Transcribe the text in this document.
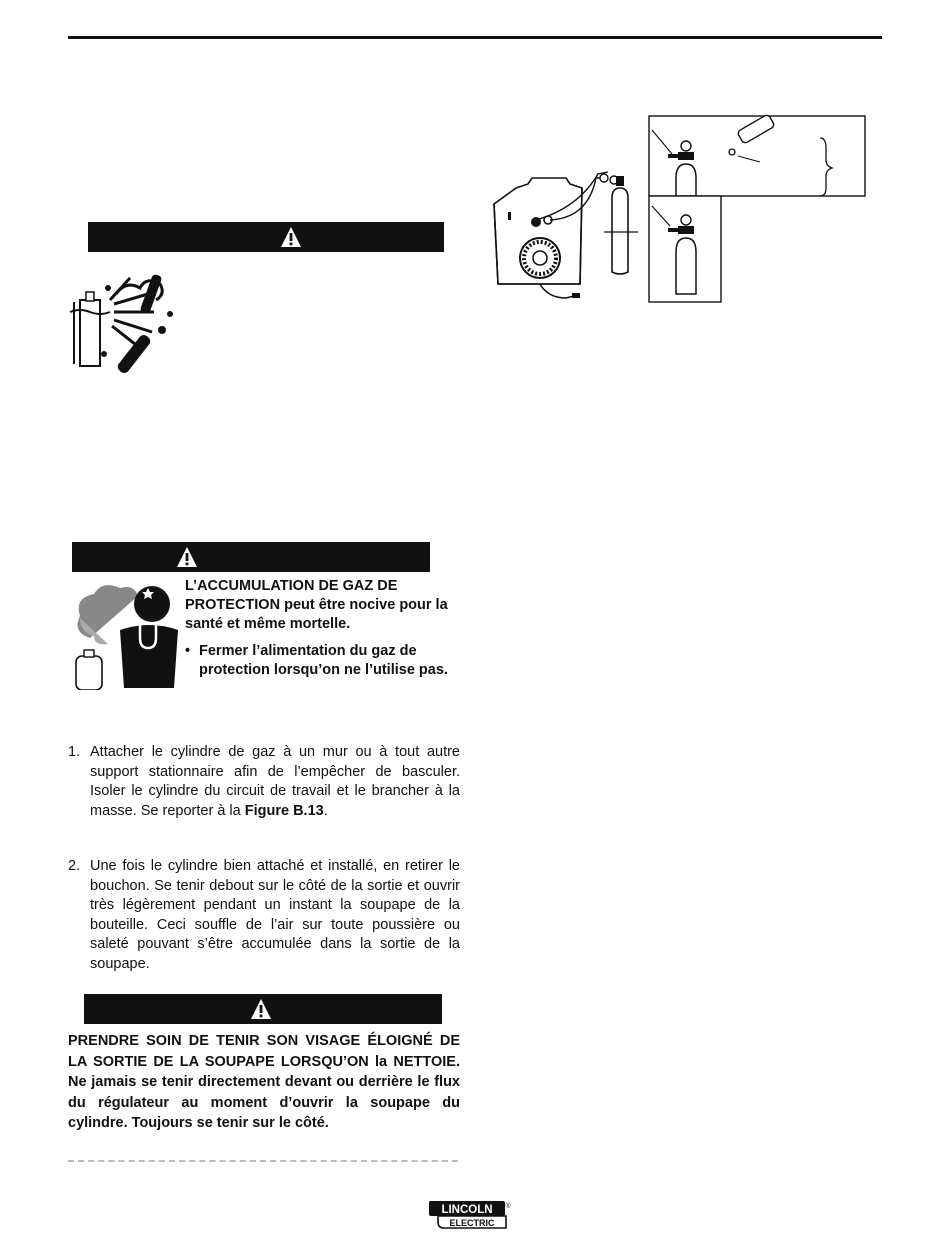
L’ACCUMULATION DE GAZ DE PROTECTION peut être nocive pour la santé et même mortelle.
• Fermer l’alimentation du gaz de protection lorsqu’on ne l’utilise pas.
1. Attacher le cylindre de gaz à un mur ou à tout autre support stationnaire afin de l’empêcher de basculer. Isoler le cylindre du circuit de travail et le brancher à la masse. Se reporter à la Figure B.13.
2. Une fois le cylindre bien attaché et installé, en retirer le bouchon. Se tenir debout sur le côté de la sortie et ouvrir très légèrement pendant un instant la soupape de la bouteille. Ceci souffle de l’air sur toute poussière ou saleté pouvant s’être accumulée dans la sortie de la soupape.
PRENDRE SOIN DE TENIR SON VISAGE ÉLOIGNÉ DE LA SORTIE DE LA SOUPAPE LORSQU’ON la NETTOIE. Ne jamais se tenir directement devant ou derrière le flux du régulateur au moment d’ouvrir la soupape du cylindre. Toujours se tenir sur le côté.
LINCOLN ®
ELECTRIC
